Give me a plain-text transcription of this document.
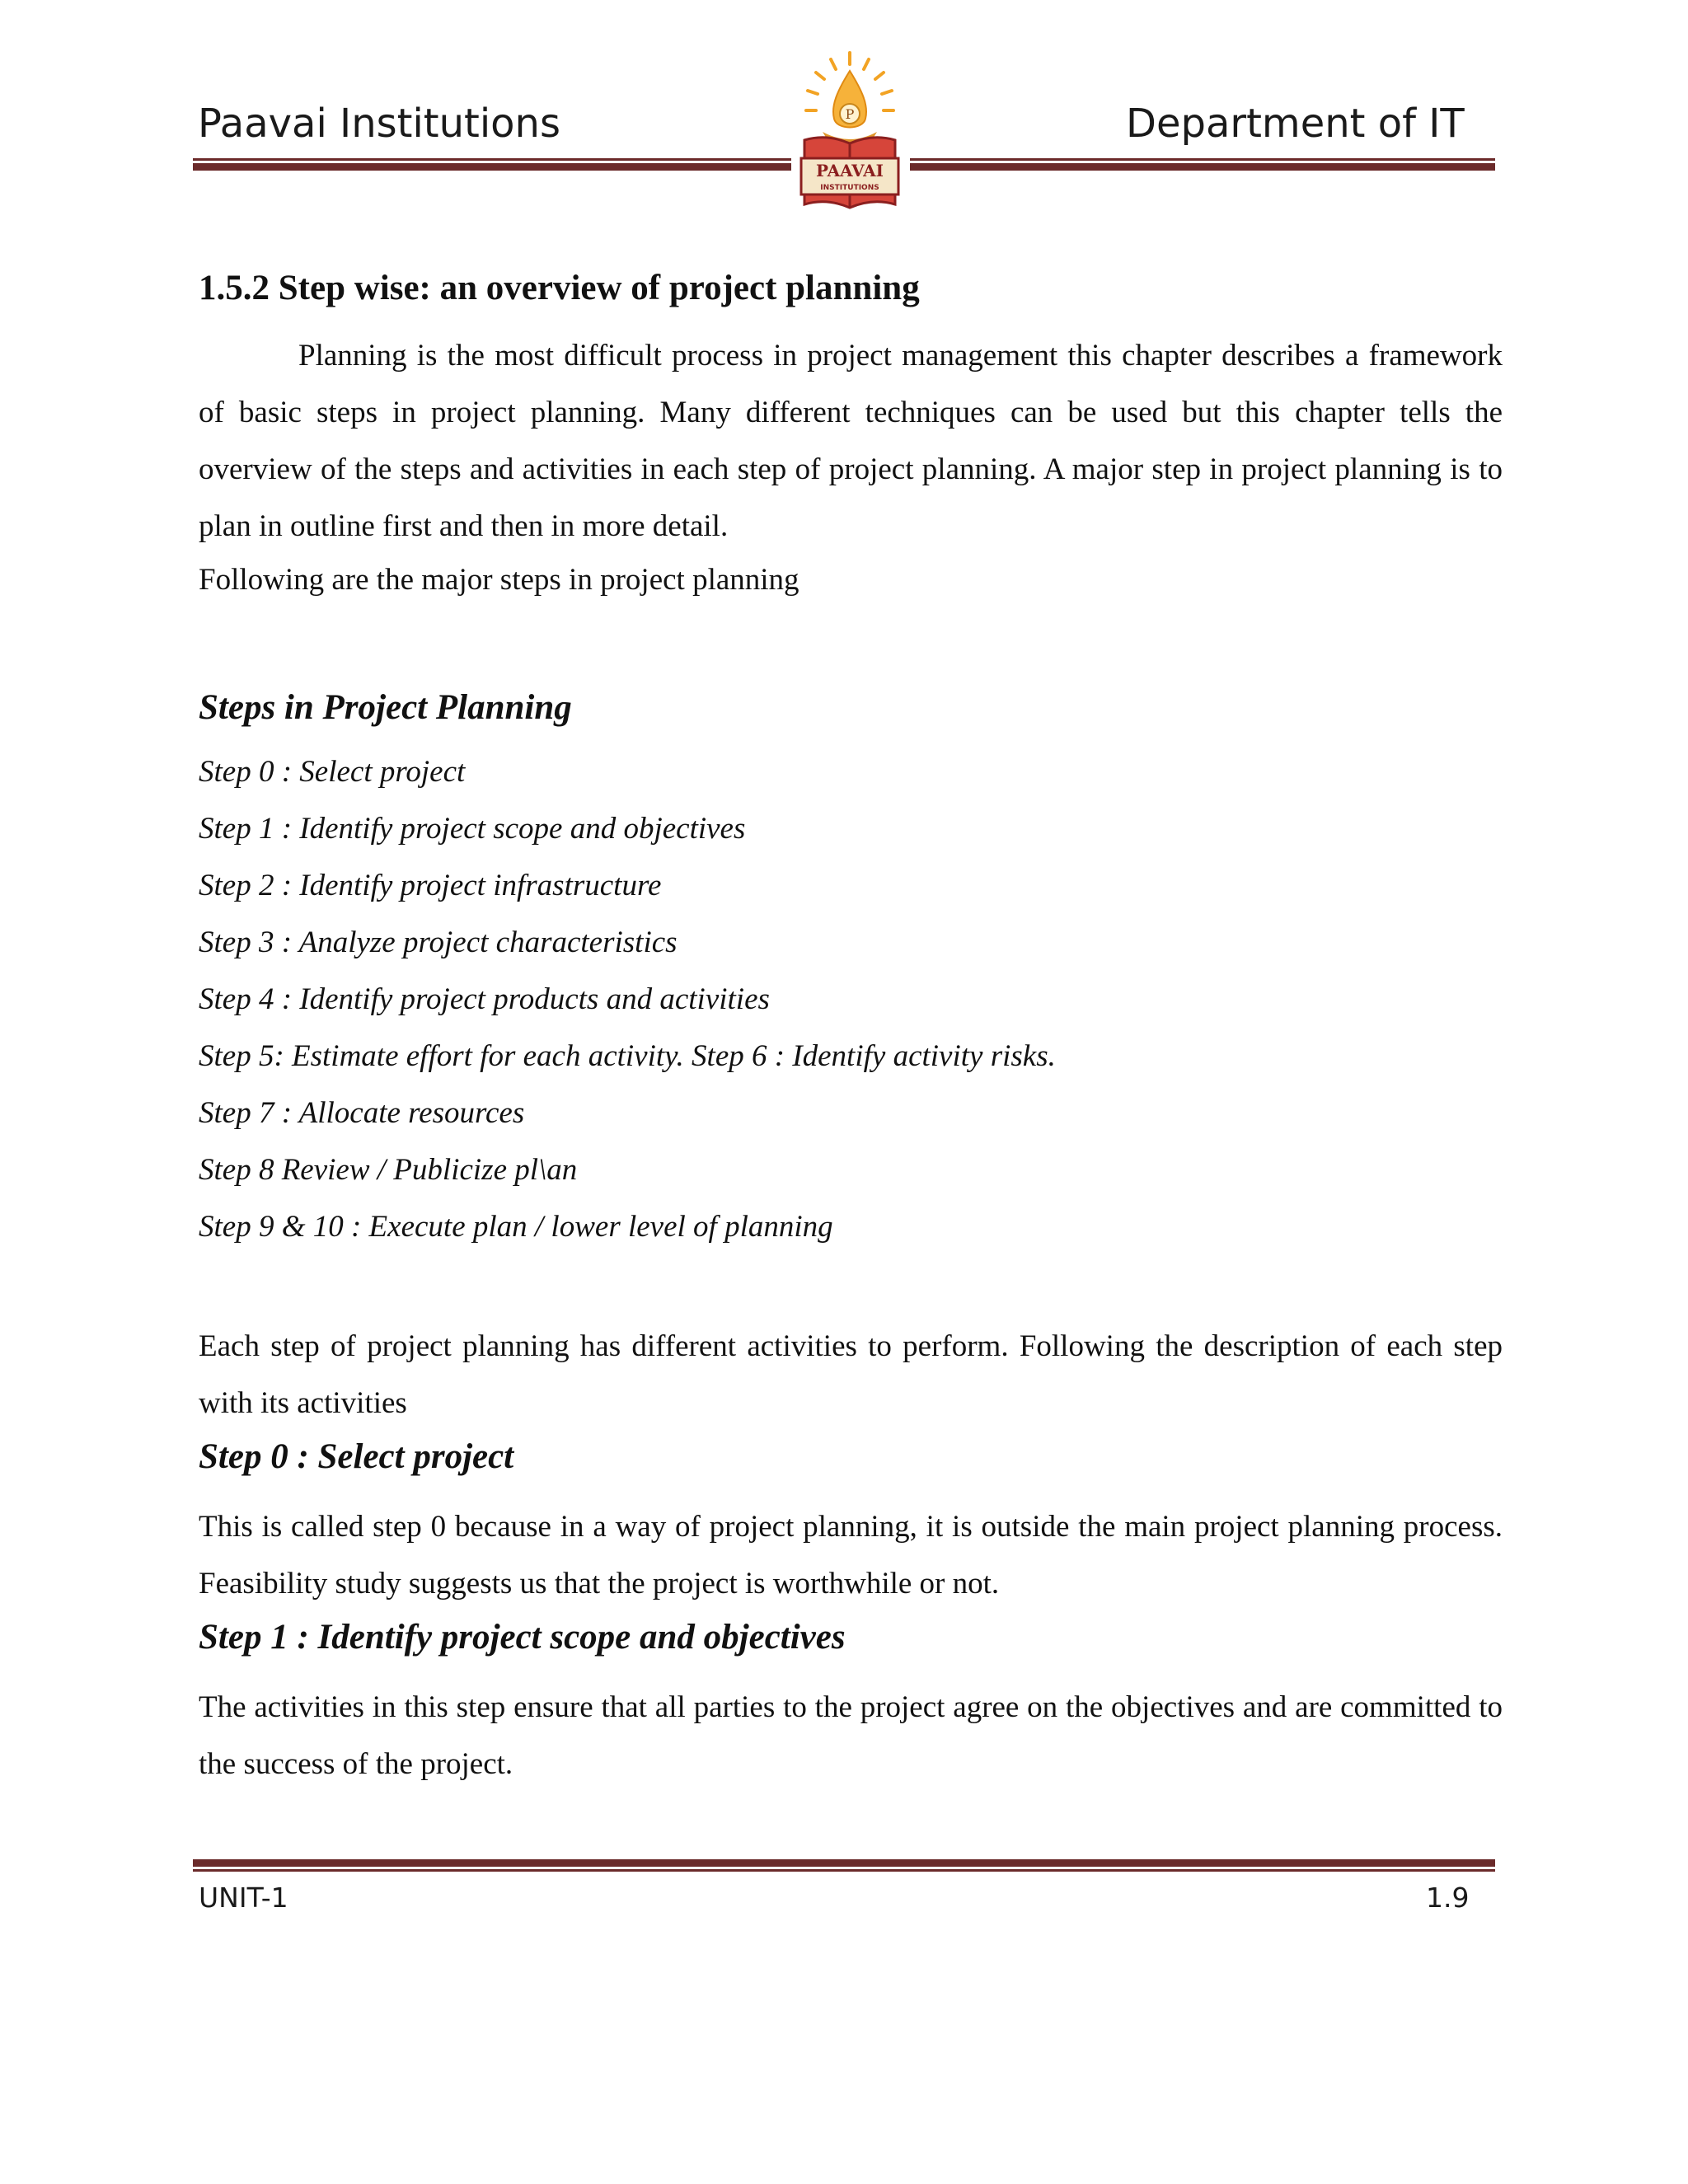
Paavai Institutions	Department of IT
P
PAAVAI
INSTITUTIONS
1.5.2 Step wise: an overview of project planning
Planning is the most difficult process in project management this chapter describes a framework of basic steps in project planning. Many different techniques can be used but this chapter tells the overview of the steps and activities in each step of project planning. A major step in project planning is to plan in outline first and then in more detail.
Following are the major steps in project planning
Steps in Project Planning
Step 0 : Select project
Step 1 : Identify project scope and objectives
Step 2 : Identify project infrastructure
Step 3 : Analyze project characteristics
Step 4 : Identify project products and activities
Step 5: Estimate effort for each activity. Step 6 : Identify activity risks.
Step 7 : Allocate resources
Step 8 Review / Publicize pl\an
Step 9 & 10 : Execute plan / lower level of planning
Each step of project planning has different activities to perform. Following the description of each step with its activities
Step 0 : Select project
This is called step 0 because in a way of project planning, it is outside the main project planning process. Feasibility study suggests us that the project is worthwhile or not.
Step 1 : Identify project scope and objectives
The activities in this step ensure that all parties to the project agree on the objectives and are committed to the success of the project.
UNIT-1	1.9
